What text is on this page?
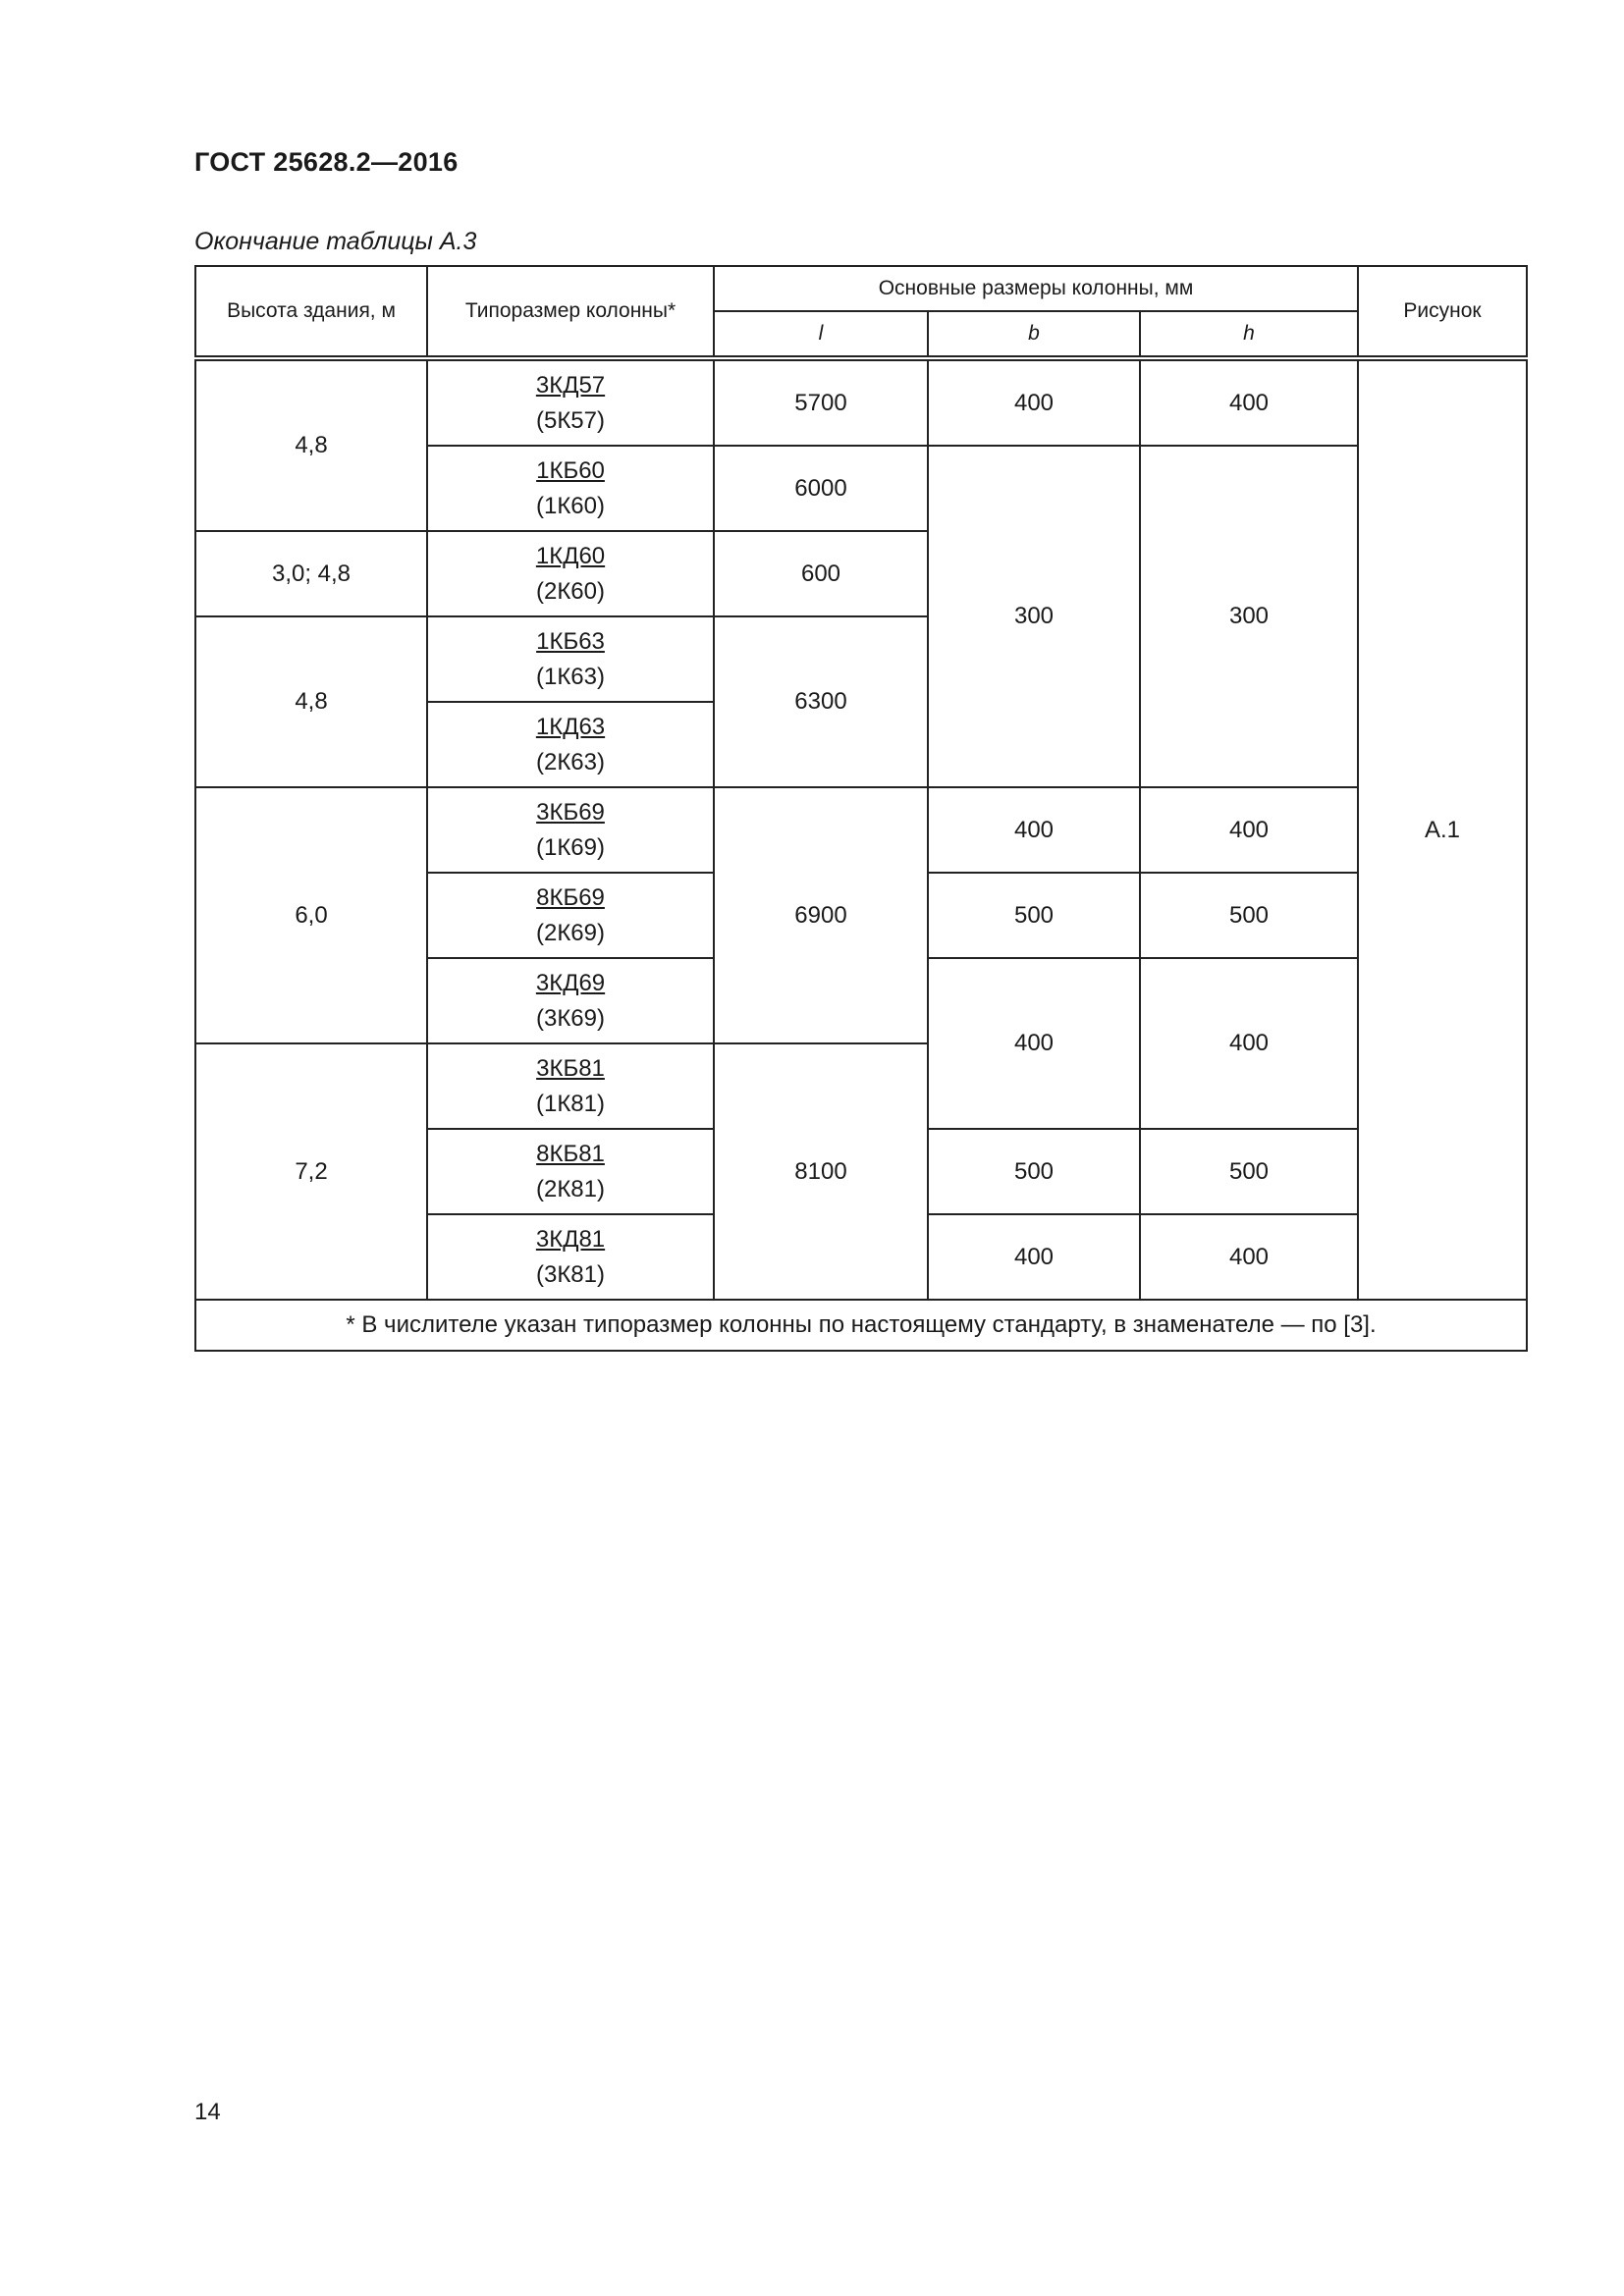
ГОСТ 25628.2—2016
Окончание таблицы А.3
Высота здания, м	Типоразмер колонны*	Основные размеры колонны, мм			Рисунок
		l	b	h	
4,8	3КД57
(5К57)	5700	400	400	А.1

	1КБ60
(1К60)	6000	300	300	
3,0; 4,8	1КД60
(2К60)	600			
4,8	1КБ63
(1К63)	6300			

	1КД63
(2К63)				

6,0	3КБ69
(1К69)	6900	400	400	

	8КБ69
(2К69)		500	500	

	3КД69
(3К69)		400	400	
7,2	3КБ81
(1К81)	8100			

	8КБ81
(2К81)		500	500	

	3КД81
(3К81)		400	400	
* В числителе указан типоразмер колонны по настоящему стандарту, в знаменателе — по [3].					
14
